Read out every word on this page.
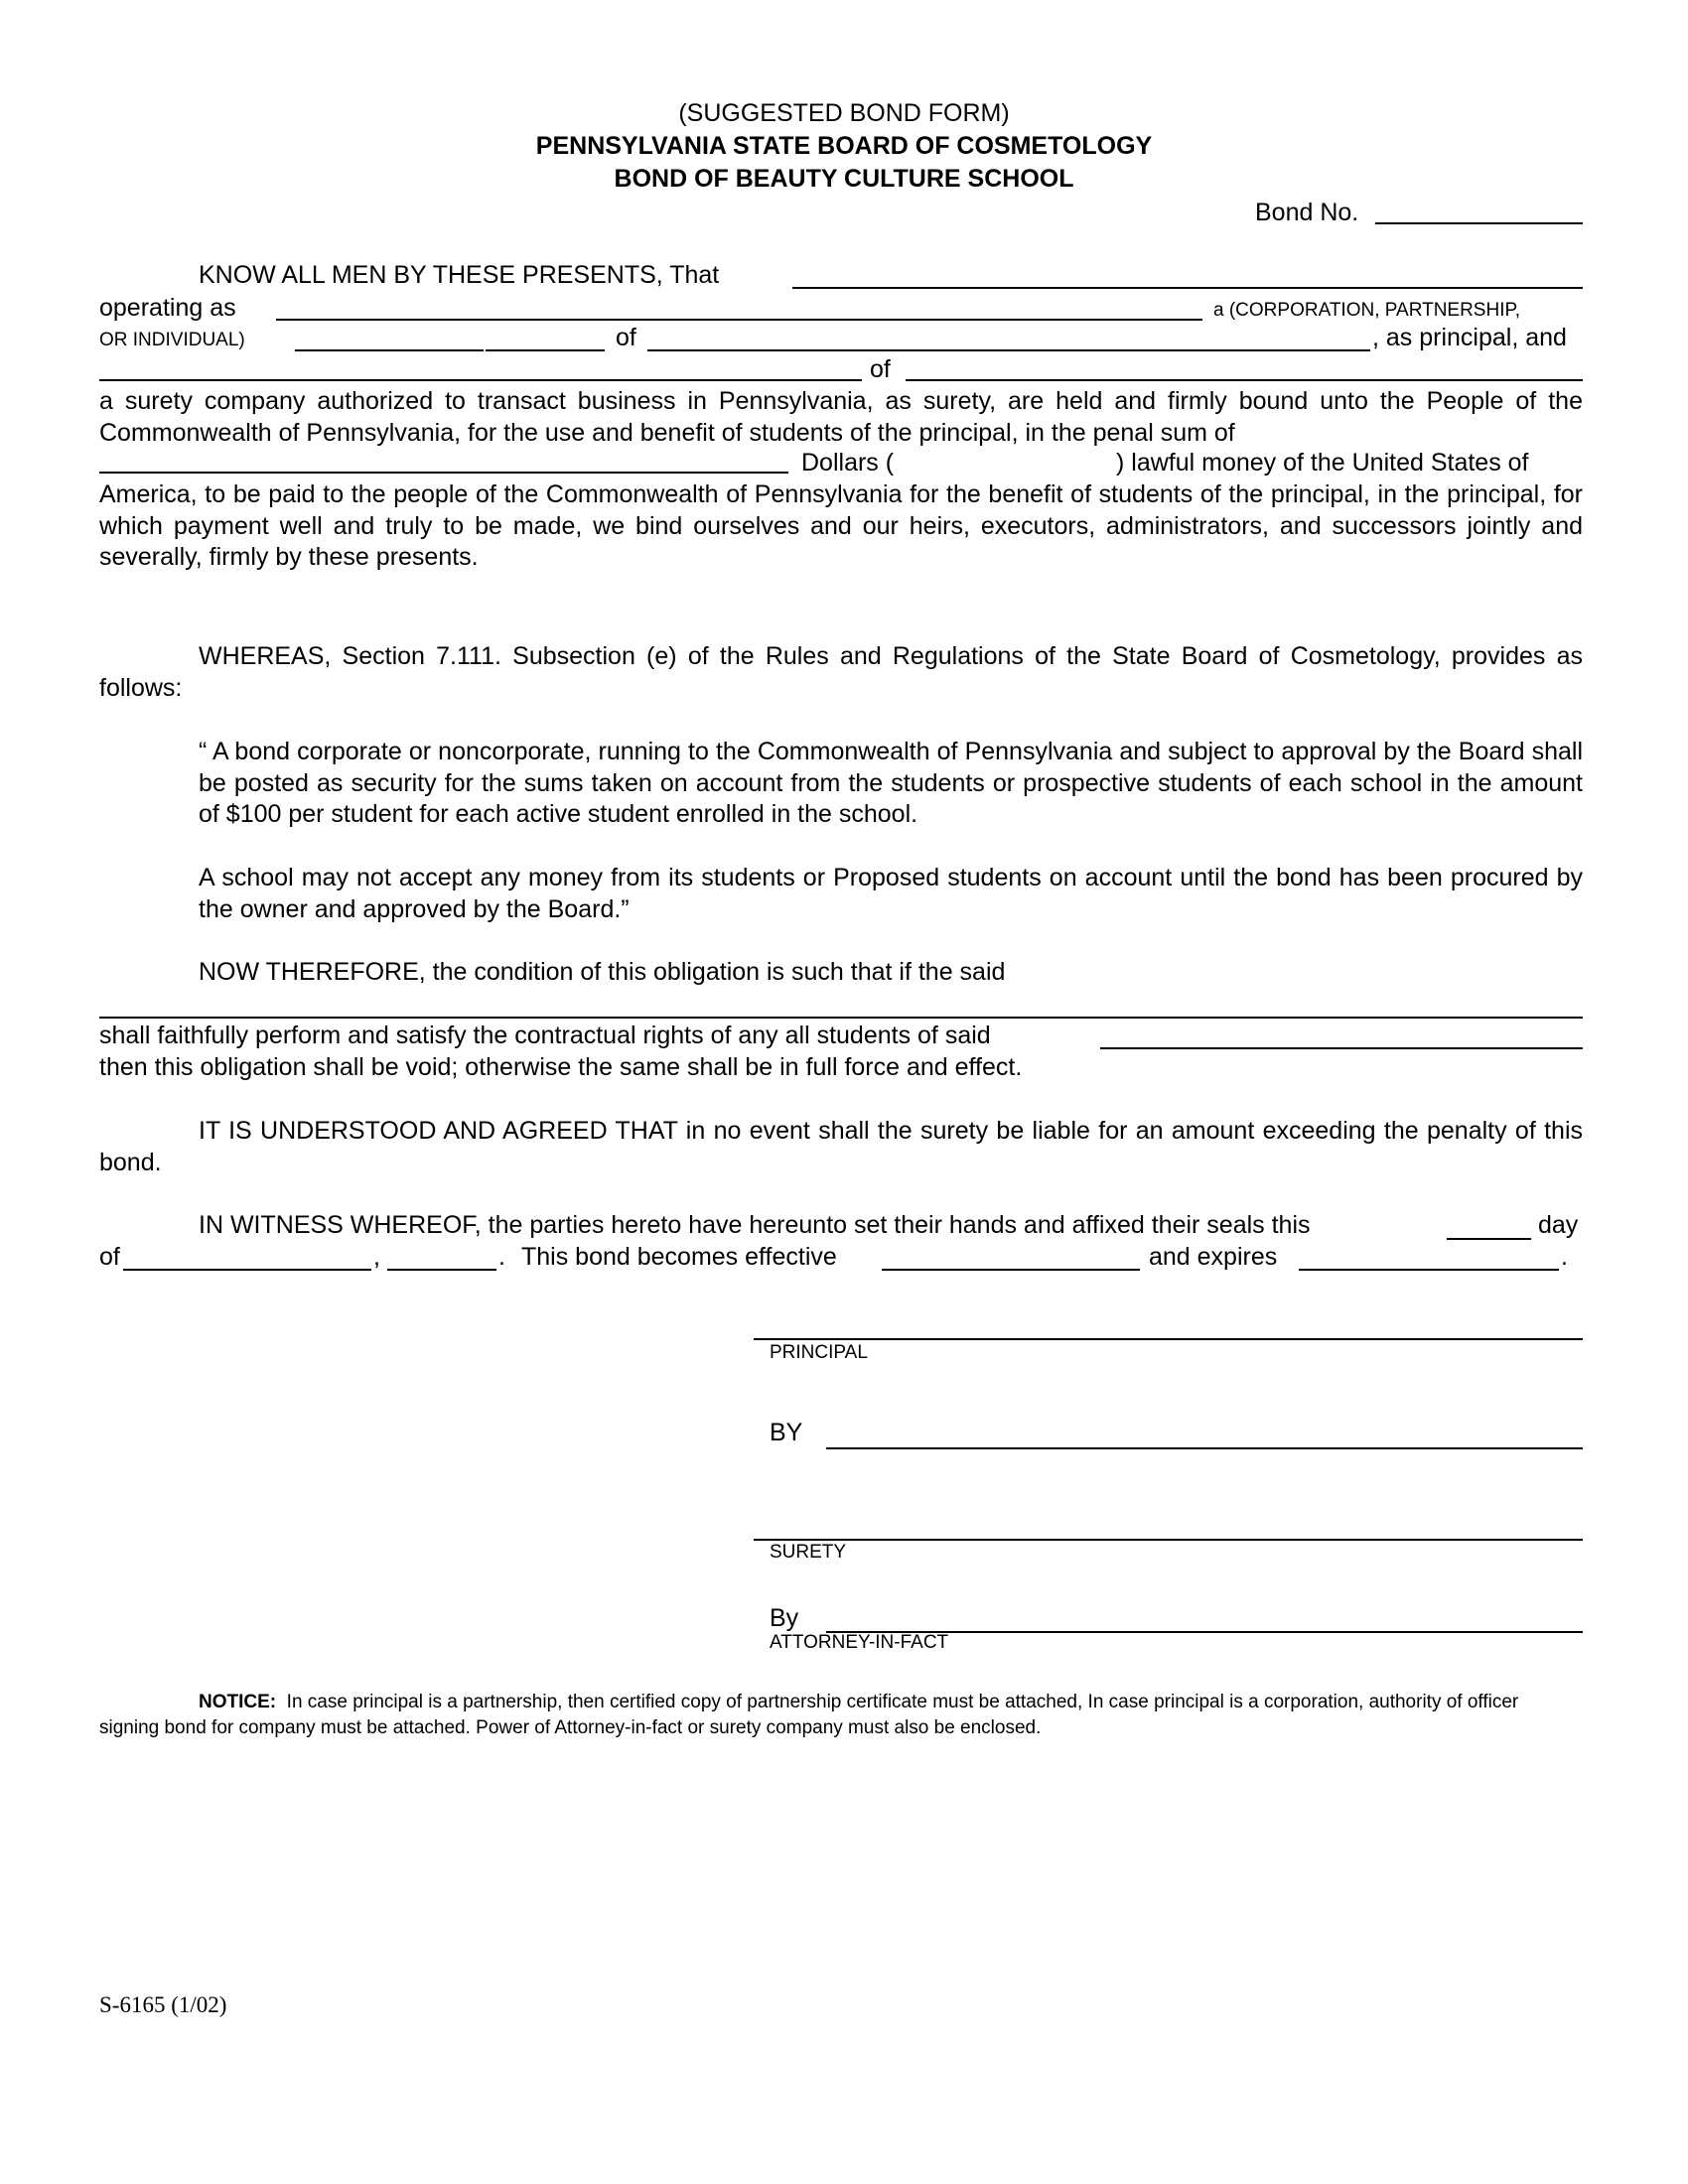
(SUGGESTED BOND FORM)
PENNSYLVANIA STATE BOARD OF COSMETOLOGY
BOND OF BEAUTY CULTURE SCHOOL
Bond No.
KNOW ALL MEN BY THESE PRESENTS, That
operating as	a (CORPORATION, PARTNERSHIP,
OR INDIVIDUAL)	of	, as principal, and
of
a surety company authorized to transact business in Pennsylvania, as surety, are held and firmly bound unto the People of the Commonwealth of Pennsylvania, for the use and benefit of students of the principal, in the penal sum of
Dollars (	) lawful money of the United States of
America, to be paid to the people of the Commonwealth of Pennsylvania for the benefit of students of the principal, in the principal, for which payment well and truly to be made, we bind ourselves and our heirs, executors, administrators, and successors jointly and severally, firmly by these presents.
WHEREAS, Section 7.111. Subsection (e) of the Rules and Regulations of the State Board of Cosmetology, provides as follows:
“ A bond corporate or noncorporate, running to the Commonwealth of Pennsylvania and subject to approval by the Board shall be posted as security for the sums taken on account from the students or prospective students of each school in the amount of $100 per student for each active student enrolled in the school.
A school may not accept any money from its students or Proposed students on account until the bond has been procured by the owner and approved by the Board.”
NOW THEREFORE, the condition of this obligation is such that if the said
shall faithfully perform and satisfy the contractual rights of any all students of said
then this obligation shall be void; otherwise the same shall be in full force and effect.
IT IS UNDERSTOOD AND AGREED THAT in no event shall the surety be liable for an amount exceeding the penalty of this bond.
IN WITNESS WHEREOF, the parties hereto have hereunto set their hands and affixed their seals this	day
of	,	. This bond becomes effective	and expires	.
PRINCIPAL
BY
SURETY
By
ATTORNEY-IN-FACT
NOTICE: In case principal is a partnership, then certified copy of partnership certificate must be attached, In case principal is a corporation, authority of officer signing bond for company must be attached. Power of Attorney-in-fact or surety company must also be enclosed.
S-6165 (1/02)
